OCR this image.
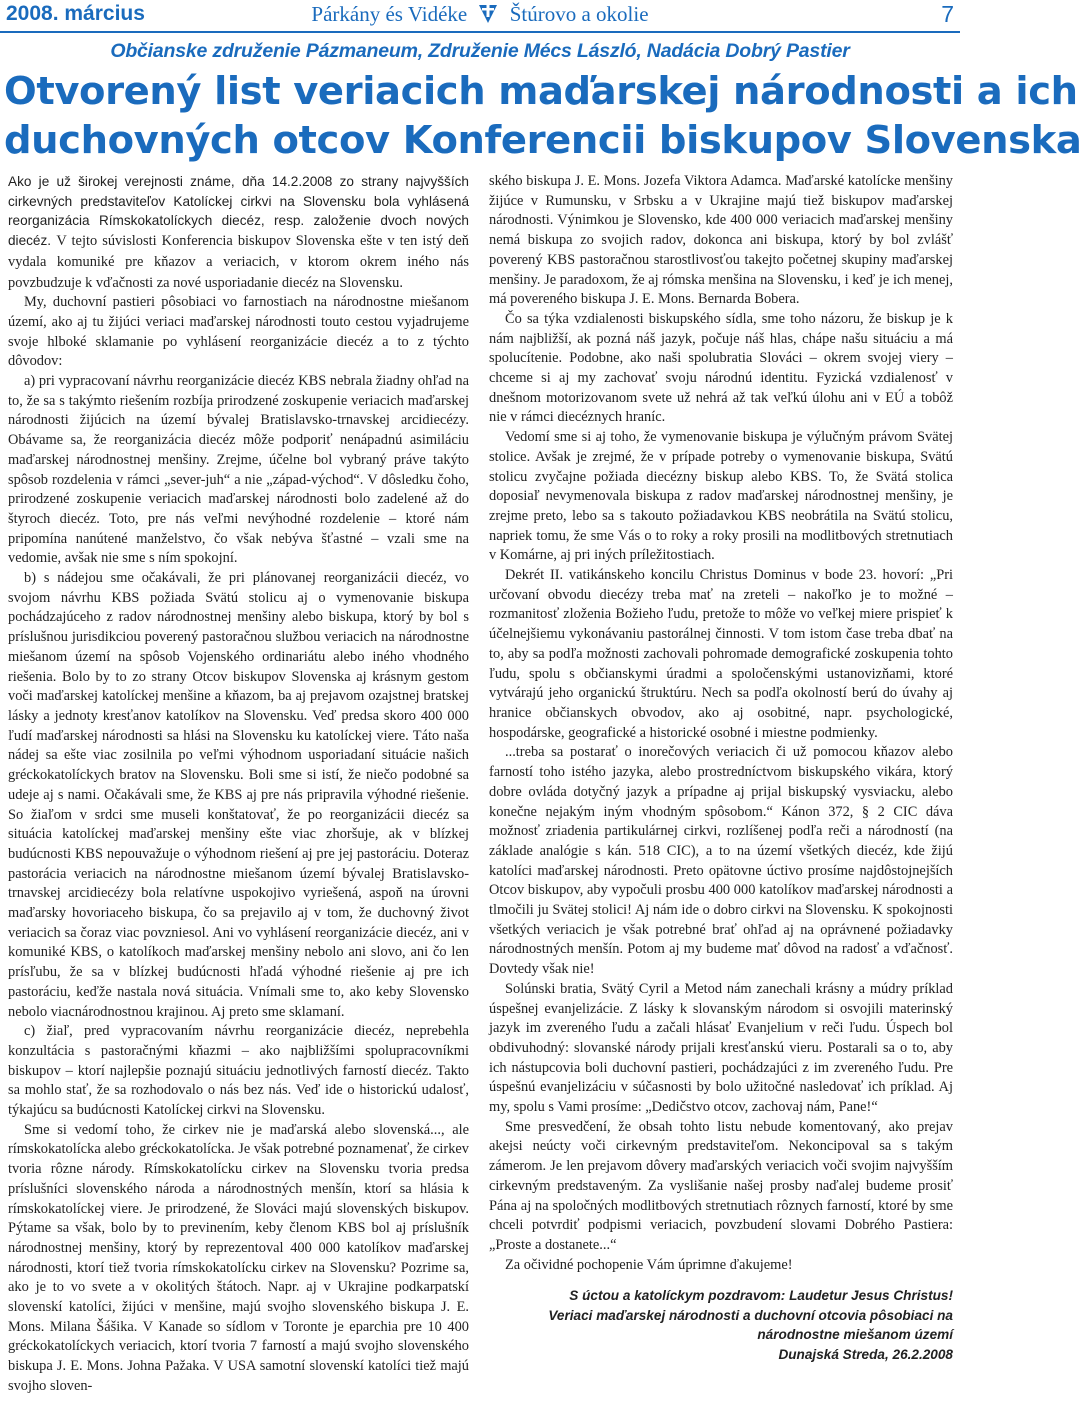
2008. március	Párkány és Vidéke Štúrovo a okolie	7
Občianske združenie Pázmaneum, Združenie Mécs László, Nadácia Dobrý Pastier
Otvorený list veriacich maďarskej národnosti a ich
duchovných otcov Konferencii biskupov Slovenska

Ako je už širokej verejnosti známe, dňa 14.2.2008 zo strany najvyšších cirkevných predstaviteľov Katolíckej cirkvi na Slovensku bola vyhlásená reorganizácia Rímskokatolíckych diecéz, resp. založenie dvoch nových diecéz. V tejto súvislosti Konferencia biskupov Slovenska ešte v ten istý deň vydala komuniké pre kňazov a veriacich, v ktorom okrem iného nás povzbudzuje k vďačnosti za nové usporiadanie diecéz na Slovensku.

My, duchovní pastieri pôsobiaci vo farnostiach na národnostne miešanom území, ako aj tu žijúci veriaci maďarskej národnosti touto cestou vyjadrujeme svoje hlboké sklamanie po vyhlásení reorganizácie diecéz a to z týchto dôvodov:

a) pri vypracovaní návrhu reorganizácie diecéz KBS nebrala žiadny ohľad na to, že sa s takýmto riešením rozbíja prirodzené zoskupenie veriacich maďarskej národnosti žijúcich na území bývalej Bratislavsko-trnavskej arcidiecézy. Obávame sa, že reorganizácia diecéz môže podporiť nenápadnú asimiláciu maďarskej národnostnej menšiny. Zrejme, účelne bol vybraný práve takýto spôsob rozdelenia v rámci „sever-juh“ a nie „západ-východ“. V dôsledku čoho, prirodzené zoskupenie veriacich maďarskej národnosti bolo zadelené až do štyroch diecéz. Toto, pre nás veľmi nevýhodné rozdelenie – ktoré nám pripomína nanútené manželstvo, čo však nebýva šťastné – vzali sme na vedomie, avšak nie sme s ním spokojní.

b) s nádejou sme očakávali, že pri plánovanej reorganizácii diecéz, vo svojom návrhu KBS požiada Svätú stolicu aj o vymenovanie biskupa pochádzajúceho z radov národnostnej menšiny alebo biskupa, ktorý by bol s príslušnou jurisdikciou poverený pastoračnou službou veriacich na národnostne miešanom území na spôsob Vojenského ordinariátu alebo iného vhodného riešenia. Bolo by to zo strany Otcov biskupov Slovenska aj krásnym gestom voči maďarskej katolíckej menšine a kňazom, ba aj prejavom ozajstnej bratskej lásky a jednoty kresťanov katolíkov na Slovensku. Veď predsa skoro 400 000 ľudí maďarskej národnosti sa hlási na Slovensku ku katolíckej viere. Táto naša nádej sa ešte viac zosilnila po veľmi výhodnom usporiadaní situácie našich gréckokatolíckych bratov na Slovensku. Boli sme si istí, že niečo podobné sa udeje aj s nami. Očakávali sme, že KBS aj pre nás pripravila výhodné riešenie. So žiaľom v srdci sme museli konštatovať, že po reorganizácii diecéz sa situácia katolíckej maďarskej menšiny ešte viac zhoršuje, ak v blízkej budúcnosti KBS nepouvažuje o výhodnom riešení aj pre jej pastoráciu. Doteraz pastorácia veriacich na národnostne miešanom území bývalej Bratislavsko-trnavskej arcidiecézy bola relatívne uspokojivo vyriešená, aspoň na úrovni maďarsky hovoriaceho biskupa, čo sa prejavilo aj v tom, že duchovný život veriacich sa čoraz viac povzniesol. Ani vo vyhlásení reorganizácie diecéz, ani v komuniké KBS, o katolíkoch maďarskej menšiny nebolo ani slovo, ani čo len prísľubu, že sa v blízkej budúcnosti hľadá výhodné riešenie aj pre ich pastoráciu, keďže nastala nová situácia. Vnímali sme to, ako keby Slovensko nebolo viacnárodnostnou krajinou. Aj preto sme sklamaní.

c) žiaľ, pred vypracovaním návrhu reorganizácie diecéz, neprebehla konzultácia s pastoračnými kňazmi – ako najbližšími spolupracovníkmi biskupov – ktorí najlepšie poznajú situáciu jednotlivých farností diecéz. Takto sa mohlo stať, že sa rozhodovalo o nás bez nás. Veď ide o historickú udalosť, týkajúcu sa budúcnosti Katolíckej cirkvi na Slovensku.

Sme si vedomí toho, že cirkev nie je maďarská alebo slovenská..., ale rímskokatolícka alebo gréckokatolícka. Je však potrebné poznamenať, že cirkev tvoria rôzne národy. Rímskokatolícku cirkev na Slovensku tvoria predsa príslušníci slovenského národa a národnostných menšín, ktorí sa hlásia k rímskokatolíckej viere. Je prirodzené, že Slováci majú slovenských biskupov. Pýtame sa však, bolo by to previnením, keby členom KBS bol aj príslušník národnostnej menšiny, ktorý by reprezentoval 400 000 katolíkov maďarskej národnosti, ktorí tiež tvoria rímskokatolícku cirkev na Slovensku? Pozrime sa, ako je to vo svete a v okolitých štátoch. Napr. aj v Ukrajine podkarpatskí slovenskí katolíci, žijúci v menšine, majú svojho slovenského biskupa J. E. Mons. Milana Šášika. V Kanade so sídlom v Toronte je eparchia pre 10 400 gréckokatolíckych veriacich, ktorí tvoria 7 farností a majú svojho slovenského biskupa J. E. Mons. Johna Pažaka. V USA samotní slovenskí katolíci tiež majú svojho sloven-

ského biskupa J. E. Mons. Jozefa Viktora Adamca. Maďarské katolícke menšiny žijúce v Rumunsku, v Srbsku a v Ukrajine majú tiež biskupov maďarskej národnosti. Výnimkou je Slovensko, kde 400 000 veriacich maďarskej menšiny nemá biskupa zo svojich radov, dokonca ani biskupa, ktorý by bol zvlášť poverený KBS pastoračnou starostlivosťou takejto početnej skupiny maďarskej menšiny. Je paradoxom, že aj rómska menšina na Slovensku, i keď je ich menej, má povereného biskupa J. E. Mons. Bernarda Bobera.

Čo sa týka vzdialenosti biskupského sídla, sme toho názoru, že biskup je k nám najbližší, ak pozná náš jazyk, počuje náš hlas, chápe našu situáciu a má spolucítenie. Podobne, ako naši spolubratia Slováci – okrem svojej viery – chceme si aj my zachovať svoju národnú identitu. Fyzická vzdialenosť v dnešnom motorizovanom svete už nehrá až tak veľkú úlohu ani v EÚ a tobôž nie v rámci diecéznych hraníc.

Vedomí sme si aj toho, že vymenovanie biskupa je výlučným právom Svätej stolice. Avšak je zrejmé, že v prípade potreby o vymenovanie biskupa, Svätú stolicu zvyčajne požiada diecézny biskup alebo KBS. To, že Svätá stolica doposiaľ nevymenovala biskupa z radov maďarskej národnostnej menšiny, je zrejme preto, lebo sa s takouto požiadavkou KBS neobrátila na Svätú stolicu, napriek tomu, že sme Vás o to roky a roky prosili na modlitbových stretnutiach v Komárne, aj pri iných príležitostiach.

Dekrét II. vatikánskeho koncilu Christus Dominus v bode 23. hovorí: „Pri určovaní obvodu diecézy treba mať na zreteli – nakoľko je to možné – rozmanitosť zloženia Božieho ľudu, pretože to môže vo veľkej miere prispieť k účelnejšiemu vykonávaniu pastorálnej činnosti. V tom istom čase treba dbať na to, aby sa podľa možnosti zachovali pohromade demografické zoskupenia tohto ľudu, spolu s občianskymi úradmi a spoločenskými ustanovizňami, ktoré vytvárajú jeho organickú štruktúru. Nech sa podľa okolností berú do úvahy aj hranice občianskych obvodov, ako aj osobitné, napr. psychologické, hospodárske, geografické a historické osobné i miestne podmienky.

...treba sa postarať o inorečových veriacich či už pomocou kňazov alebo farností toho istého jazyka, alebo prostredníctvom biskupského vikára, ktorý dobre ovláda dotyčný jazyk a prípadne aj prijal biskupský vysviacku, alebo konečne nejakým iným vhodným spôsobom.“ Kánon 372, § 2 CIC dáva možnosť zriadenia partikulárnej cirkvi, rozlíšenej podľa reči a národností (na základe analógie s kán. 518 CIC), a to na území všetkých diecéz, kde žijú katolíci maďarskej národnosti. Preto opätovne úctivo prosíme najdôstojnejších Otcov biskupov, aby vypočuli prosbu 400 000 katolíkov maďarskej národnosti a tlmočili ju Svätej stolici! Aj nám ide o dobro cirkvi na Slovensku. K spokojnosti všetkých veriacich je však potrebné brať ohľad aj na oprávnené požiadavky národnostných menšín. Potom aj my budeme mať dôvod na radosť a vďačnosť. Dovtedy však nie!

Solúnski bratia, Svätý Cyril a Metod nám zanechali krásny a múdry príklad úspešnej evanjelizácie. Z lásky k slovanským národom si osvojili materinský jazyk im zvereného ľudu a začali hlásať Evanjelium v reči ľudu. Úspech bol obdivuhodný: slovanské národy prijali kresťanskú vieru. Postarali sa o to, aby ich nástupcovia boli duchovní pastieri, pochádzajúci z im zvereného ľudu. Pre úspešnú evanjelizáciu v súčasnosti by bolo užitočné nasledovať ich príklad. Aj my, spolu s Vami prosíme: „Dedičstvo otcov, zachovaj nám, Pane!“

Sme presvedčení, že obsah tohto listu nebude komentovaný, ako prejav akejsi neúcty voči cirkevným predstaviteľom. Nekoncipoval sa s takým zámerom. Je len prejavom dôvery maďarských veriacich voči svojim najvyšším cirkevným predstaveným. Za vyslišanie našej prosby naďalej budeme prosiť Pána aj na spoločných modlitbových stretnutiach rôznych farností, ktoré by sme chceli potvrdiť podpismi veriacich, povzbudení slovami Dobrého Pastiera: „Proste a dostanete...“

Za očividné pochopenie Vám úprimne ďakujeme!

S úctou a katolíckym pozdravom: Laudetur Jesus Christus!
Veriaci maďarskej národnosti a duchovní otcovia pôsobiaci na
národnostne miešanom území
Dunajská Streda, 26.2.2008
